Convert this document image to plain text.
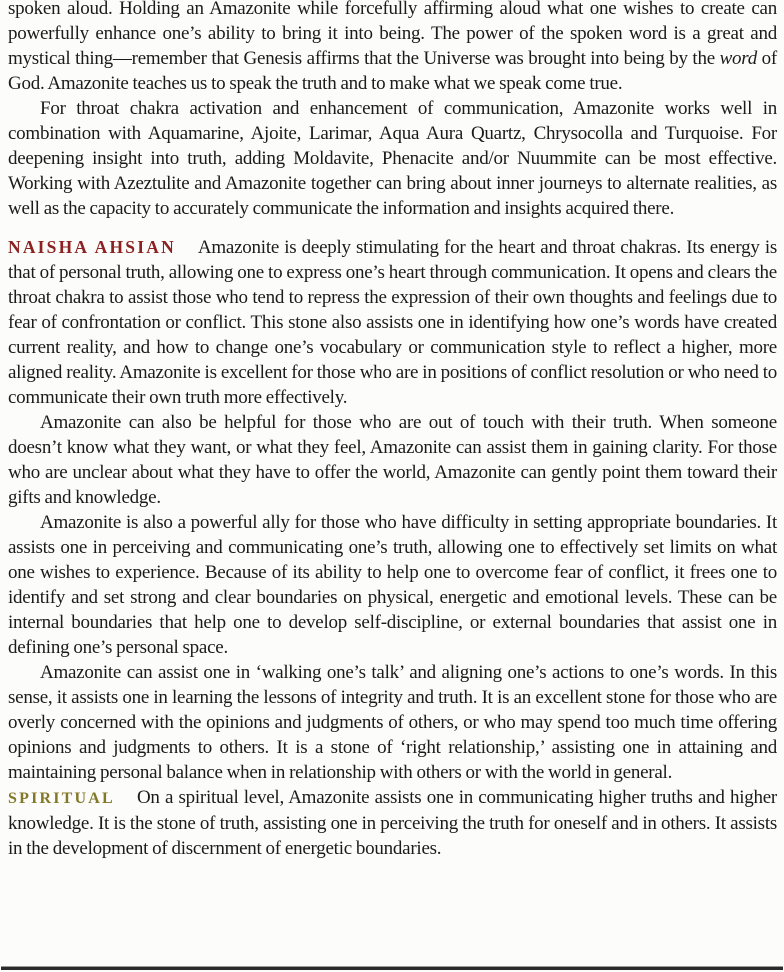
spoken aloud. Holding an Amazonite while forcefully affirming aloud what one wishes to create can powerfully enhance one’s ability to bring it into being. The power of the spoken word is a great and mystical thing—remember that Genesis affirms that the Universe was brought into being by the word of God. Amazonite teaches us to speak the truth and to make what we speak come true.

For throat chakra activation and enhancement of communication, Amazonite works well in combination with Aquamarine, Ajoite, Larimar, Aqua Aura Quartz, Chrysocolla and Turquoise. For deepening insight into truth, adding Moldavite, Phenacite and/or Nuummite can be most effective. Working with Azeztulite and Amazonite together can bring about inner journeys to alternate realities, as well as the capacity to accurately communicate the information and insights acquired there.

NAISHA AHSIAN Amazonite is deeply stimulating for the heart and throat chakras. Its energy is that of personal truth, allowing one to express one’s heart through communication. It opens and clears the throat chakra to assist those who tend to repress the expression of their own thoughts and feelings due to fear of confrontation or conflict. This stone also assists one in identifying how one’s words have created current reality, and how to change one’s vocabulary or communication style to reflect a higher, more aligned reality. Amazonite is excellent for those who are in positions of conflict resolution or who need to communicate their own truth more effectively.

Amazonite can also be helpful for those who are out of touch with their truth. When someone doesn’t know what they want, or what they feel, Amazonite can assist them in gaining clarity. For those who are unclear about what they have to offer the world, Amazonite can gently point them toward their gifts and knowledge.

Amazonite is also a powerful ally for those who have difficulty in setting appropriate boundaries. It assists one in perceiving and communicating one’s truth, allowing one to effectively set limits on what one wishes to experience. Because of its ability to help one to overcome fear of conflict, it frees one to identify and set strong and clear boundaries on physical, energetic and emotional levels. These can be internal boundaries that help one to develop self-discipline, or external boundaries that assist one in defining one’s personal space.

Amazonite can assist one in ‘walking one’s talk’ and aligning one’s actions to one’s words. In this sense, it assists one in learning the lessons of integrity and truth. It is an excellent stone for those who are overly concerned with the opinions and judgments of others, or who may spend too much time offering opinions and judgments to others. It is a stone of ‘right relationship,’ assisting one in attaining and maintaining personal balance when in relationship with others or with the world in general.

SPIRITUAL On a spiritual level, Amazonite assists one in communicating higher truths and higher knowledge. It is the stone of truth, assisting one in perceiving the truth for oneself and in others. It assists in the development of discernment of energetic boundaries.
